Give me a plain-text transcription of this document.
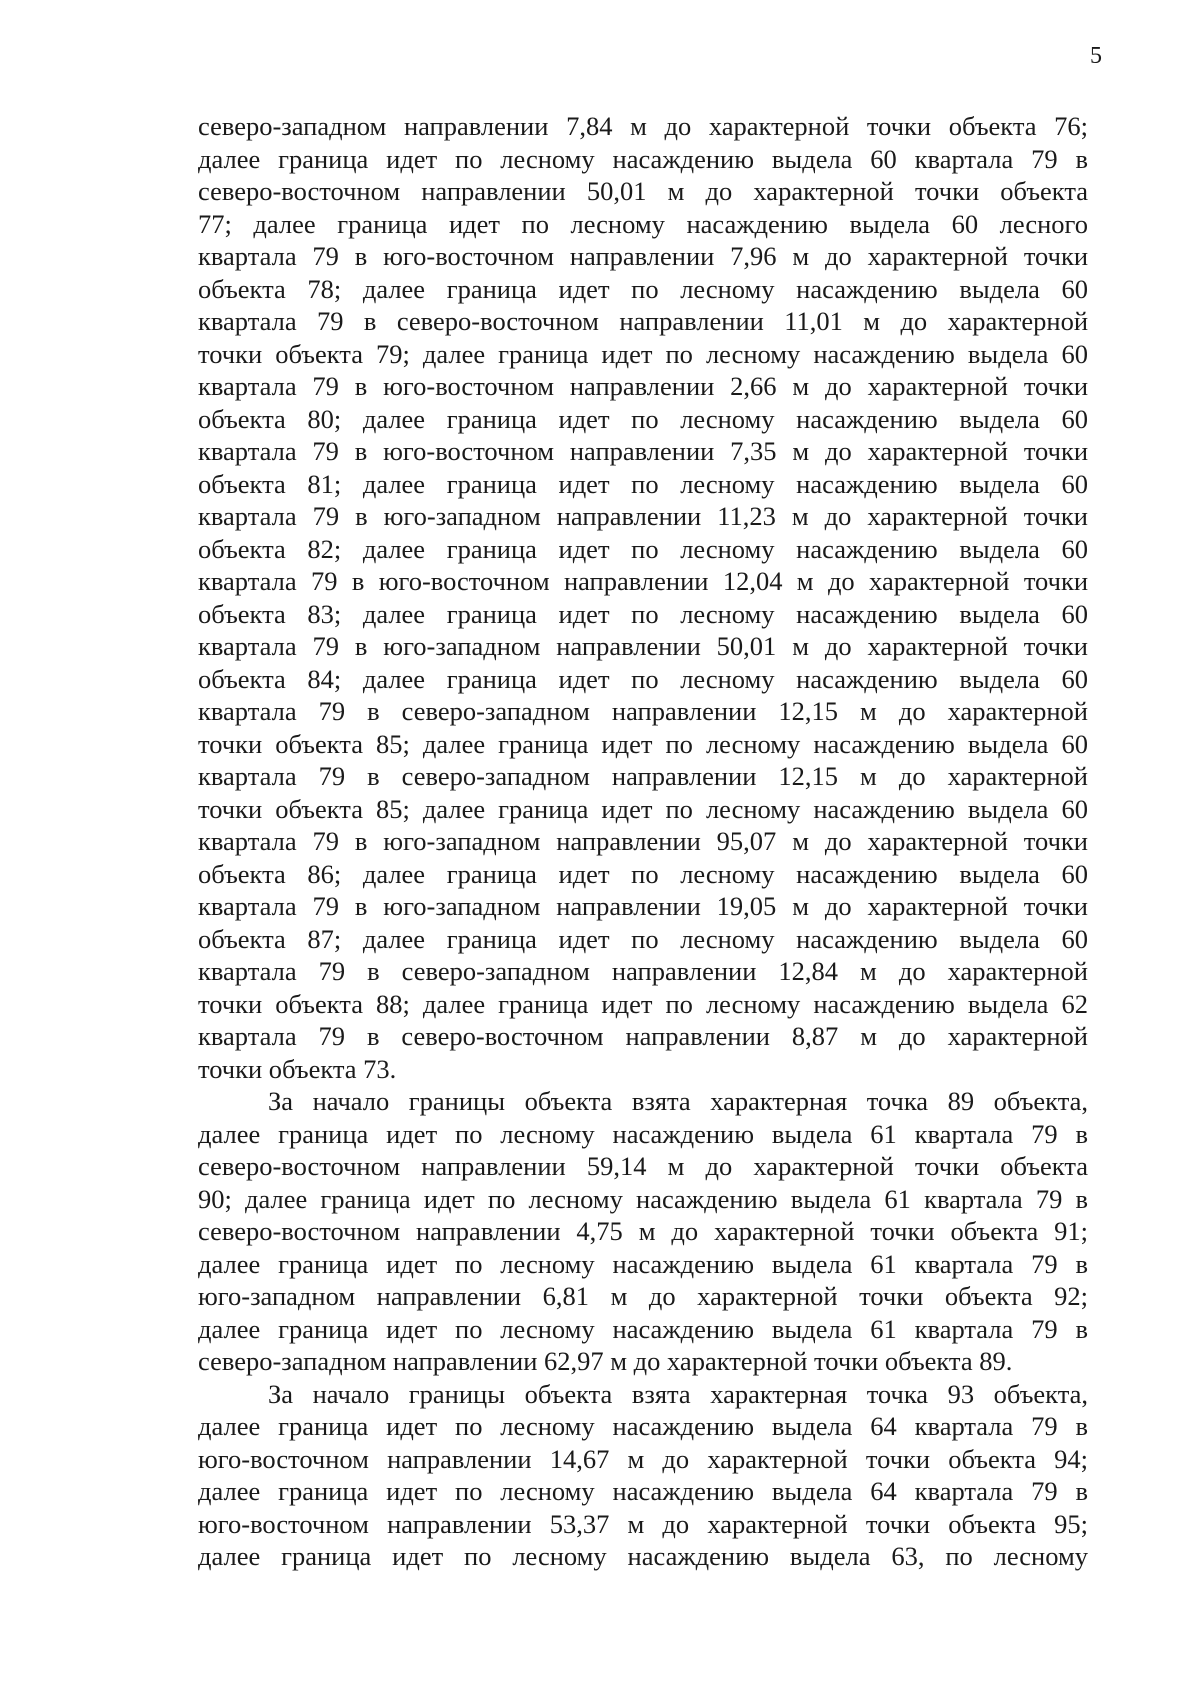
5
северо-западном направлении 7,84 м до характерной точки объекта 76;
далее граница идет по лесному насаждению выдела 60 квартала 79 в
северо-восточном направлении 50,01 м до характерной точки объекта
77; далее граница идет по лесному насаждению выдела 60 лесного
квартала 79 в юго-восточном направлении 7,96 м до характерной точки
объекта 78; далее граница идет по лесному насаждению выдела 60
квартала 79 в северо-восточном направлении 11,01 м до характерной
точки объекта 79; далее граница идет по лесному насаждению выдела 60
квартала 79 в юго-восточном направлении 2,66 м до характерной точки
объекта 80; далее граница идет по лесному насаждению выдела 60
квартала 79 в юго-восточном направлении 7,35 м до характерной точки
объекта 81; далее граница идет по лесному насаждению выдела 60
квартала 79 в юго-западном направлении 11,23 м до характерной точки
объекта 82; далее граница идет по лесному насаждению выдела 60
квартала 79 в юго-восточном направлении 12,04 м до характерной точки
объекта 83; далее граница идет по лесному насаждению выдела 60
квартала 79 в юго-западном направлении 50,01 м до характерной точки
объекта 84; далее граница идет по лесному насаждению выдела 60
квартала 79 в северо-западном направлении 12,15 м до характерной
точки объекта 85; далее граница идет по лесному насаждению выдела 60
квартала 79 в северо-западном направлении 12,15 м до характерной
точки объекта 85; далее граница идет по лесному насаждению выдела 60
квартала 79 в юго-западном направлении 95,07 м до характерной точки
объекта 86; далее граница идет по лесному насаждению выдела 60
квартала 79 в юго-западном направлении 19,05 м до характерной точки
объекта 87; далее граница идет по лесному насаждению выдела 60
квартала 79 в северо-западном направлении 12,84 м до характерной
точки объекта 88; далее граница идет по лесному насаждению выдела 62
квартала 79 в северо-восточном направлении 8,87 м до характерной
точки объекта 73.
За начало границы объекта взята характерная точка 89 объекта,
далее граница идет по лесному насаждению выдела 61 квартала 79 в
северо-восточном направлении 59,14 м до характерной точки объекта
90; далее граница идет по лесному насаждению выдела 61 квартала 79 в
северо-восточном направлении 4,75 м до характерной точки объекта 91;
далее граница идет по лесному насаждению выдела 61 квартала 79 в
юго-западном направлении 6,81 м до характерной точки объекта 92;
далее граница идет по лесному насаждению выдела 61 квартала 79 в
северо-западном направлении 62,97 м до характерной точки объекта 89.
За начало границы объекта взята характерная точка 93 объекта,
далее граница идет по лесному насаждению выдела 64 квартала 79 в
юго-восточном направлении 14,67 м до характерной точки объекта 94;
далее граница идет по лесному насаждению выдела 64 квартала 79 в
юго-восточном направлении 53,37 м до характерной точки объекта 95;
далее граница идет по лесному насаждению выдела 63, по лесному
